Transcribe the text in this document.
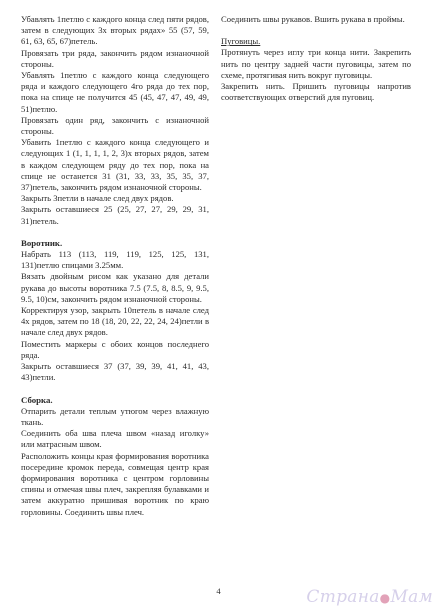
Убавлять 1петлю с каждого конца след пяти рядов, затем в следующих 3х вторых рядах» 55 (57, 59, 61, 63, 65, 67)петель.

Провязать три ряда, закончить рядом изнаночной стороны.

Убавлять 1петлю с каждого конца следующего ряда и каждого следующего 4го ряда до тех пор, пока на спице не получится 45 (45, 47, 47, 49, 49, 51)петлю.

Провязать один ряд, закончить с изнаночной стороны.

Убавить 1петлю с каждого конца следующего и следующих 1 (1, 1, 1, 1, 2, 3)х вторых рядов, затем в каждом следующем ряду до тех пор, пока на спице не останется 31 (31, 33, 33, 35, 35, 37, 37)петель, закончить рядом изнаночной стороны.

Закрыть 3петли в начале след двух рядов.

Закрыть оставшиеся 25 (25, 27, 27, 29, 29, 31, 31)петель.

Воротник.

Набрать 113 (113, 119, 119, 125, 125, 131, 131)петлю спицами 3.25мм.

Вязать двойным рисом как указано для детали рукава до высоты воротника 7.5 (7.5, 8, 8.5, 9, 9.5, 9.5, 10)см, закончить рядом изнаночной стороны.

Корректируя узор, закрыть 10петель в начале след 4х рядов, затем по 18 (18, 20, 22, 22, 24, 24)петли в начале след двух рядов.

Поместить маркеры с обоих концов последнего ряда.

Закрыть оставшиеся 37 (37, 39, 39, 41, 41, 43, 43)петли.

Сборка.

Отпарить детали теплым утюгом через влажную ткань.

Соединить оба шва плеча швом «назад иголку» или матрасным швом.

Расположить концы края формирования воротника посередине кромок переда, совмещая центр края формирования воротника с центром горловины спины и отмечая швы плеч, закрепляя булавками и затем аккуратно пришивая воротник по краю горловины. Соединить швы плеч.

Соединить швы рукавов. Вшить рукава в проймы.

Пуговицы.

Протянуть через иглу три конца нити. Закрепить нить по центру задней части пуговицы, затем по схеме, протягивая нить вокруг пуговицы.

Закрепить нить. Пришить пуговицы напротив соответствующих отверстий для пуговиц.

4	Страна●Мам
